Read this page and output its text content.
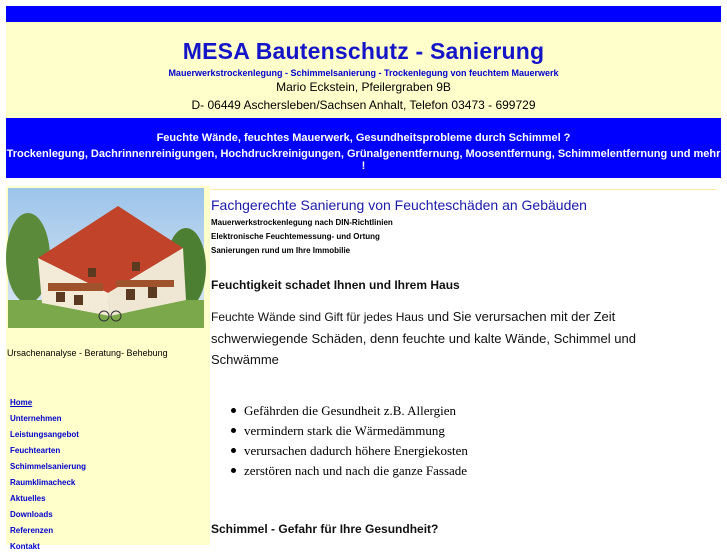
MESA Bautenschutz - Sanierung
Mauerwerkstrockenlegung - Schimmelsanierung - Trockenlegung von feuchtem Mauerwerk
Mario Eckstein, Pfeilergraben 9B
D- 06449 Aschersleben/Sachsen Anhalt, Telefon 03473 - 699729
Feuchte Wände, feuchtes Mauerwerk, Gesundheitsprobleme durch Schimmel ?
Trockenlegung, Dachrinnenreinigungen, Hochdruckreinigungen, Grünalgenentfernung, Moosentfernung, Schimmelentfernung und mehr !
Ursachenanalyse - Beratung- Behebung
Home
Unternehmen
Leistungsangebot
Feuchtearten
Schimmelsanierung
Raumklimacheck
Aktuelles
Downloads
Referenzen
Kontakt
Fachgerechte Sanierung von Feuchteschäden an Gebäuden
Mauerwerkstrockenlegung nach DIN-Richtlinien
Elektronische Feuchtemessung- und Ortung
Sanierungen rund um Ihre Immobilie
Feuchtigkeit schadet Ihnen und Ihrem Haus
Feuchte Wände sind Gift für jedes Haus und Sie verursachen mit der Zeit schwerwiegende Schäden, denn feuchte und kalte Wände, Schimmel und Schwämme
Gefährden die Gesundheit z.B. Allergien
vermindern stark die Wärmedämmung
verursachen dadurch höhere Energiekosten
zerstören nach und nach die ganze Fassade
Schimmel - Gefahr für Ihre Gesundheit?
